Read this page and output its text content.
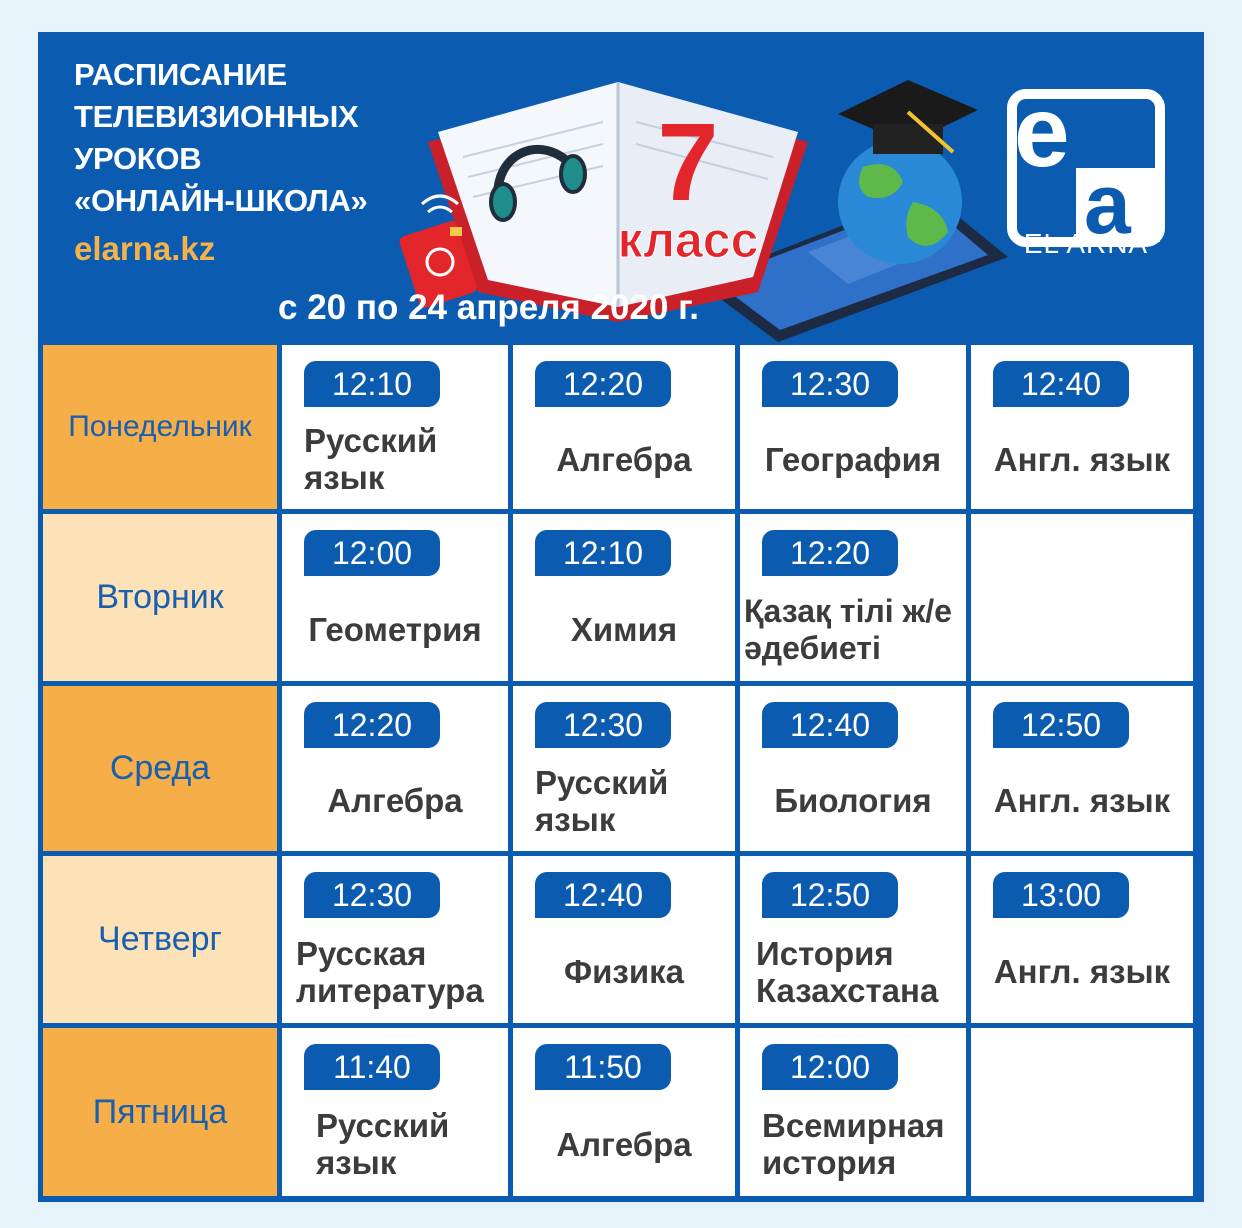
РАСПИСАНИЕ
ТЕЛЕВИЗИОННЫХ
УРОКОВ
«ОНЛАЙН-ШКОЛА»

elarna.kz
7
класс
e
a
EL ARNA
с 20 по 24 апреля 2020 г.
Понедельник
12:10
Русский язык
12:20
Алгебра
12:30
География
12:40
Англ. язык
Вторник
12:00
Геометрия
12:10
Химия
12:20
Қазақ тілі ж/е әдебиеті
Среда
12:20
Алгебра
12:30
Русский язык
12:40
Биология
12:50
Англ. язык
Четверг
12:30
Русская литература
12:40
Физика
12:50
История Казахстана
13:00
Англ. язык
Пятница
11:40
Русский язык
11:50
Алгебра
12:00
Всемирная история
